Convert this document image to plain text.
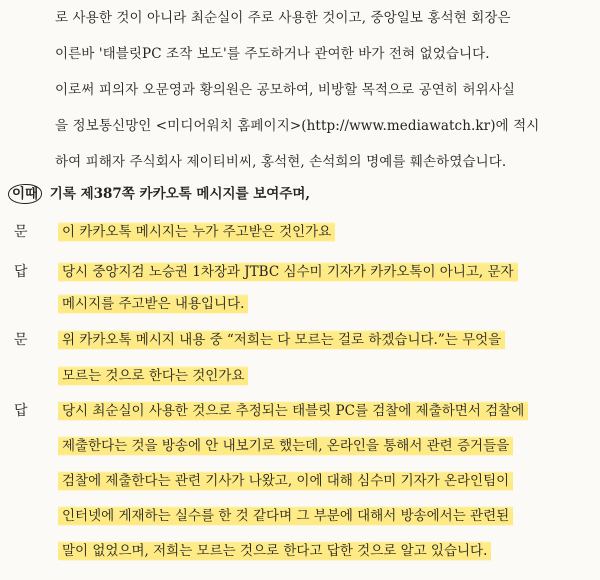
로 사용한 것이 아니라 최순실이 주로 사용한 것이고, 중앙일보 홍석현 회장은
이른바 '태블릿PC 조작 보도'를 주도하거나 관여한 바가 전혀 없었습니다.
이로써 피의자 오문영과 황의원은 공모하여, 비방할 목적으로 공연히 허위사실
을 정보통신망인 <미디어워치 홈페이지>(http://www.mediawatch.kr)에 적시
하여 피해자 주식회사 제이티비씨, 홍석현, 손석희의 명예를 훼손하였습니다.
이때 기록 제387쪽 카카오톡 메시지를 보여주며,
문	이 카카오톡 메시지는 누가 주고받은 것인가요
답	당시 중앙지검 노승권 1차장과 JTBC 심수미 기자가 카카오톡이 아니고, 문자
메시지를 주고받은 내용입니다.
문	위 카카오톡 메시지 내용 중 “저희는 다 모르는 걸로 하겠습니다.”는 무엇을
모르는 것으로 한다는 것인가요
답	당시 최순실이 사용한 것으로 추정되는 태블릿 PC를 검찰에 제출하면서 검찰에
제출한다는 것을 방송에 안 내보기로 했는데, 온라인을 통해서 관련 증거들을
검찰에 제출한다는 관련 기사가 나왔고, 이에 대해 심수미 기자가 온라인팀이
인터넷에 게재하는 실수를 한 것 같다며 그 부분에 대해서 방송에서는 관련된
말이 없었으며, 저희는 모르는 것으로 한다고 답한 것으로 알고 있습니다.
